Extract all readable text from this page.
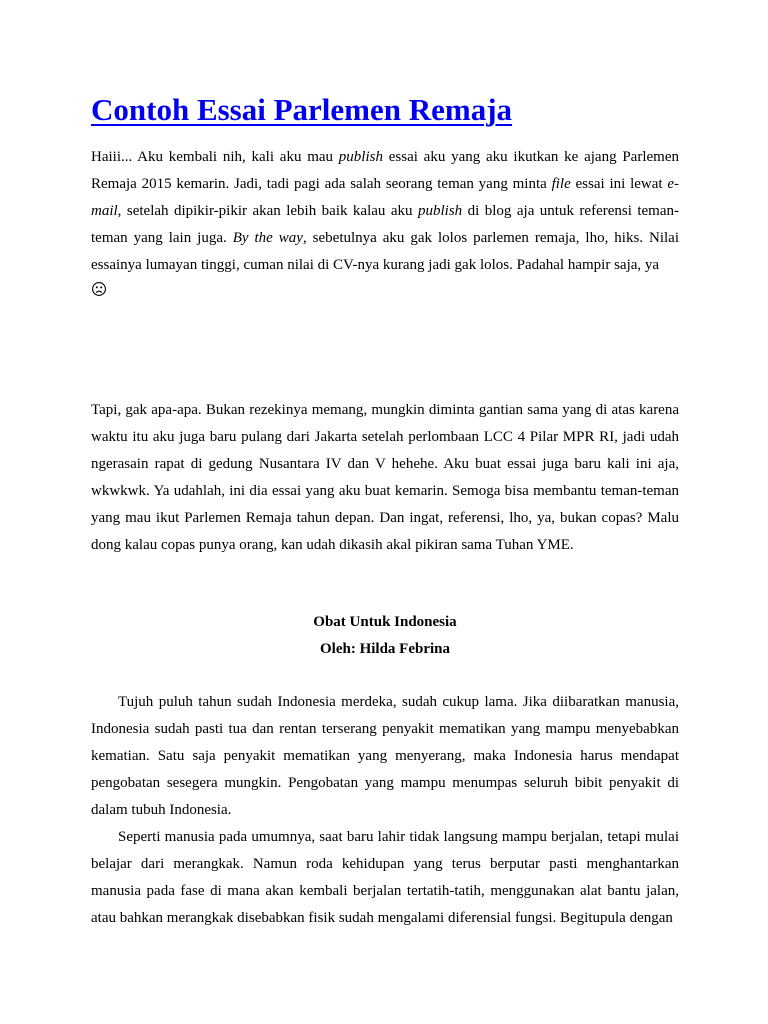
Contoh Essai Parlemen Remaja
Haiii... Aku kembali nih, kali aku mau publish essai aku yang aku ikutkan ke ajang Parlemen
Remaja 2015 kemarin. Jadi, tadi pagi ada salah seorang teman yang minta file essai ini lewat e-
mail, setelah dipikir-pikir akan lebih baik kalau aku publish di blog aja untuk referensi teman-
teman yang lain juga. By the way, sebetulnya aku gak lolos parlemen remaja, lho, hiks. Nilai
essainya lumayan tinggi, cuman nilai di CV-nya kurang jadi gak lolos. Padahal hampir saja, ya
Tapi, gak apa-apa. Bukan rezekinya memang, mungkin diminta gantian sama yang di atas karena
waktu itu aku juga baru pulang dari Jakarta setelah perlombaan LCC 4 Pilar MPR RI, jadi udah
ngerasain rapat di gedung Nusantara IV dan V hehehe. Aku buat essai juga baru kali ini aja,
wkwkwk. Ya udahlah, ini dia essai yang aku buat kemarin. Semoga bisa membantu teman-teman
yang mau ikut Parlemen Remaja tahun depan. Dan ingat, referensi, lho, ya, bukan copas? Malu
dong kalau copas punya orang, kan udah dikasih akal pikiran sama Tuhan YME.
Obat Untuk Indonesia
Oleh: Hilda Febrina
Tujuh puluh tahun sudah Indonesia merdeka, sudah cukup lama. Jika diibaratkan manusia,
Indonesia sudah pasti tua dan rentan terserang penyakit mematikan yang mampu menyebabkan
kematian. Satu saja penyakit mematikan yang menyerang, maka Indonesia harus mendapat
pengobatan sesegera mungkin. Pengobatan yang mampu menumpas seluruh bibit penyakit di
dalam tubuh Indonesia.
Seperti manusia pada umumnya, saat baru lahir tidak langsung mampu berjalan, tetapi mulai
belajar dari merangkak. Namun roda kehidupan yang terus berputar pasti menghantarkan
manusia pada fase di mana akan kembali berjalan tertatih-tatih, menggunakan alat bantu jalan,
atau bahkan merangkak disebabkan fisik sudah mengalami diferensial fungsi. Begitupula dengan
